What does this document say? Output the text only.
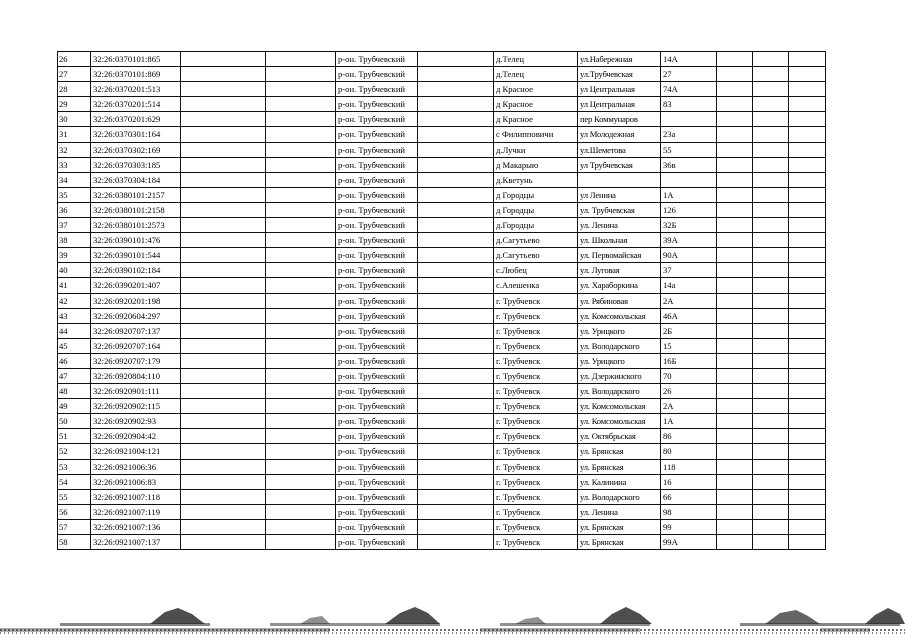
26	32:26:0370101:865			р-он. Трубчевский		д.Телец	ул.Набережная	14А			
27	32:26:0370101:869			р-он. Трубчевский		д.Телец	ул.Трубчевская	27			
28	32:26:0370201:513			р-он. Трубчевский		д Красное	ул Центральная	74А			
29	32:26:0370201:514			р-он. Трубчевский		д Красное	ул Центральная	83			
30	32:26:0370201:629			р-он. Трубчевский		д Красное	пер Коммунаров				
31	32:26:0370301:164			р-он. Трубчевский		с Филипповичи	ул Молодежная	23а			
32	32:26:0370302:169			р-он. Трубчевский		д.Лучки	ул.Шеметова	55			
33	32:26:0370303:185			р-он. Трубчевский		д Макарыю	ул Трубчевская	36в			
34	32:26:0370304:184			р-он. Трубчевский		д.Кветунь					
35	32:26:0380101:2157			р-он. Трубчевский		д Городцы	ул Ленина	1А			
36	32:26:0380101:2158			р-он. Трубчевский		д Городцы	ул. Трубчевская	126			
37	32:26:0380101:2573			р-он. Трубчевский		д.Городцы	ул. Ленина	32Б			
38	32:26:0390101:476			р-он. Трубчевский		д.Сагутьево	ул. Школьная	39А			
39	32:26:0390101:544			р-он. Трубчевский		д.Сагутьево	ул. Первомайская	90А			
40	32:26:0390102:184			р-он. Трубчевский		с.Любец	ул. Луговая	37			
41	32:26:0390201:407			р-он. Трубчевский		с.Алешенка	ул. Хараборкина	14а			
42	32:26:0920201:198			р-он. Трубчевский		г. Трубчевск	ул. Рябиновая	2А			
43	32:26:0920604:297			р-он. Трубчевский		г. Трубчевск	ул. Комсомольская	46А			
44	32:26:0920707:137			р-он. Трубчевский		г. Трубчевск	ул. Урицкого	2Б			
45	32:26:0920707:164			р-он. Трубчевский		г. Трубчевск	ул. Володарского	15			
46	32:26:0920707:179			р-он. Трубчевский		г. Трубчевск	ул. Урицкого	16Б			
47	32:26:0920804:110			р-он. Трубчевский		г. Трубчевск	ул. Дзержинского	70			
48	32:26:0920901:111			р-он. Трубчевский		г. Трубчевск	ул. Володарского	26			
49	32:26:0920902:115			р-он. Трубчевский		г. Трубчевск	ул. Комсомольская	2А			
50	32:26:0920902:93			р-он. Трубчевский		г. Трубчевск	ул. Комсомольская	1А			
51	32:26:0920904:42			р-он. Трубчевский		г. Трубчевск	ул. Октябрьская	86			
52	32:26:0921004:121			р-он. Трубчевский		г. Трубчевск	ул. Брянская	80			
53	32:26:0921006:36			р-он. Трубчевский		г. Трубчевск	ул. Брянская	118			
54	32:26:0921006:83			р-он. Трубчевский		г. Трубчевск	ул. Калинина	16			
55	32:26:0921007:118			р-он. Трубчевский		г. Трубчевск	ул. Володарского	66			
56	32:26:0921007:119			р-он. Трубчевский		г. Трубчевск	ул. Ленина	98			
57	32:26:0921007:136			р-он. Трубчевский		г. Трубчевск	ул. Брянская	99			
58	32:26:0921007:137			р-он. Трубчевский		г. Трубчевск	ул. Брянская	99А			
